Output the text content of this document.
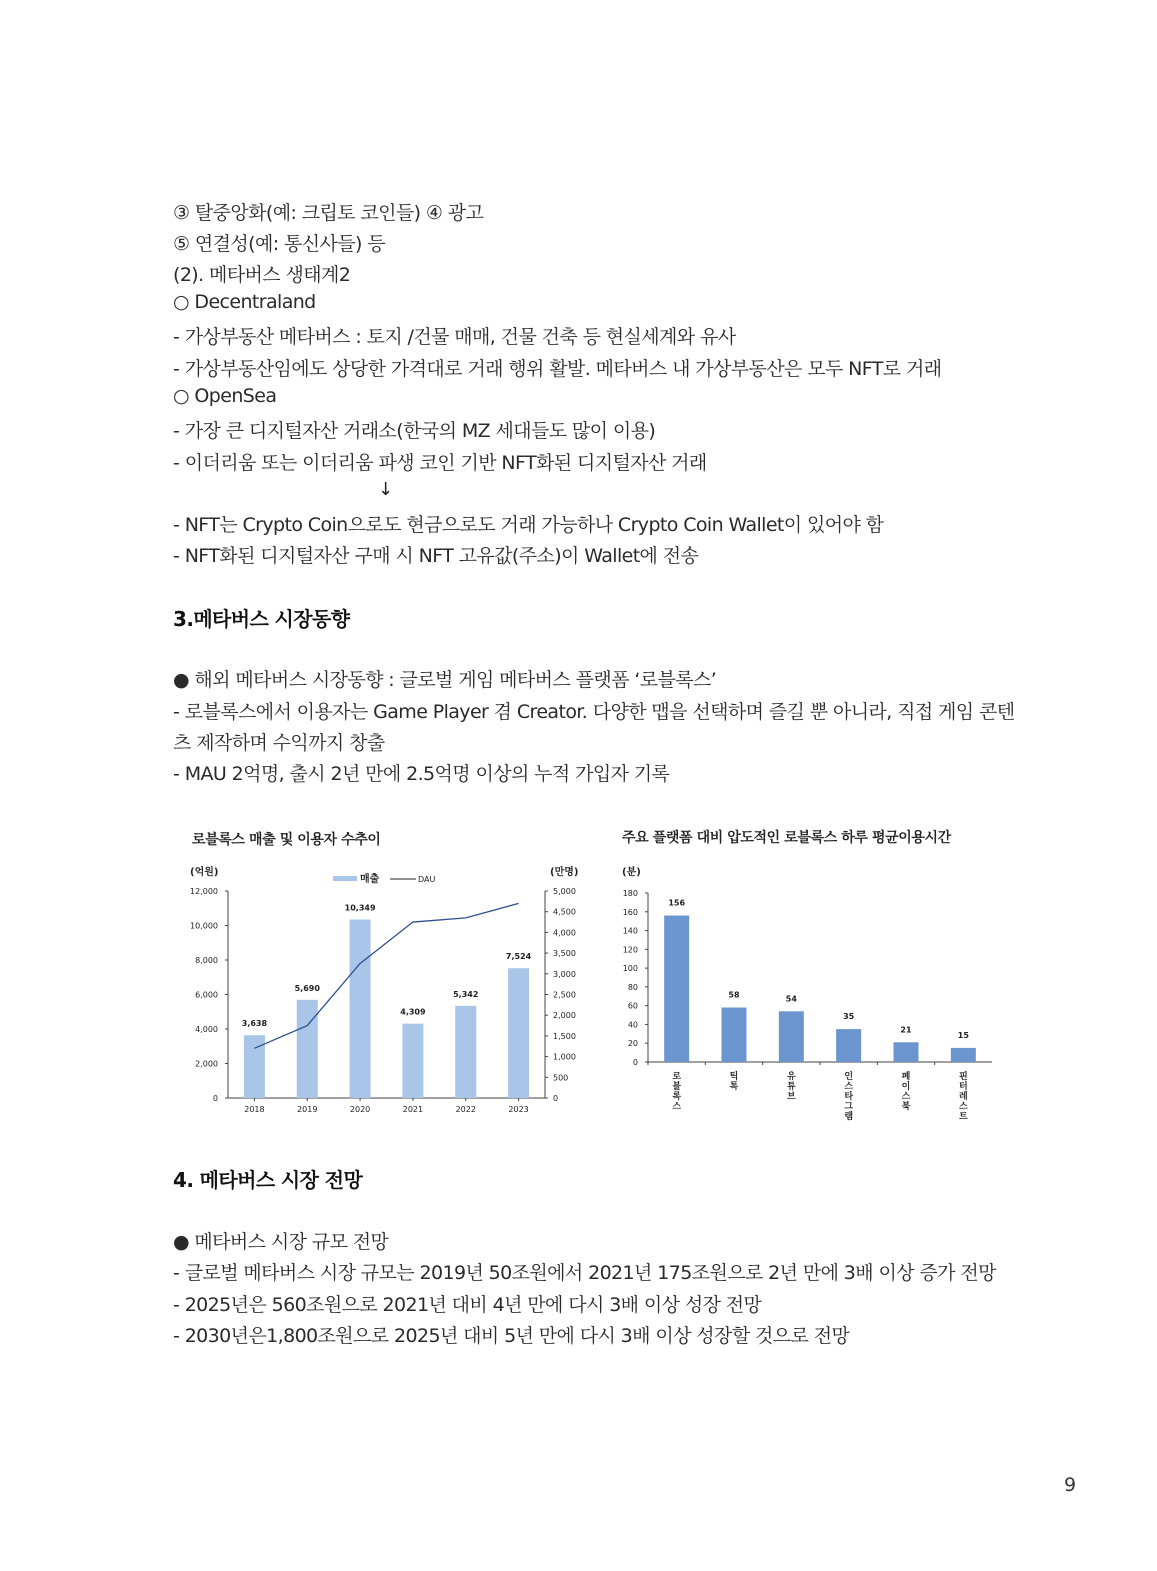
③ 탈중앙화(예: 크립토 코인들) ④ 광고
⑤ 연결성(예: 통신사들) 등
(2). 메타버스 생태계2
○ Decentraland
- 가상부동산 메타버스 : 토지 /건물 매매, 건물 건축 등 현실세계와 유사
- 가상부동산임에도 상당한 가격대로 거래 행위 활발. 메타버스 내 가상부동산은 모두 NFT로 거래
○ OpenSea
- 가장 큰 디지털자산 거래소(한국의 MZ 세대들도 많이 이용)
- 이더리움 또는 이더리움 파생 코인 기반 NFT화된 디지털자산 거래
↓
- NFT는 Crypto Coin으로도 현금으로도 거래 가능하나 Crypto Coin Wallet이 있어야 함
- NFT화된 디지털자산 구매 시 NFT 고유값(주소)이 Wallet에 전송
3.메타버스 시장동향
● 해외 메타버스 시장동향 : 글로벌 게임 메타버스 플랫폼 ‘로블록스’
- 로블록스에서 이용자는 Game Player 겸 Creator. 다양한 맵을 선택하며 즐길 뿐 아니라, 직접 게임 콘텐
츠 제작하며 수익까지 창출
- MAU 2억명, 출시 2년 만에 2.5억명 이상의 누적 가입자 기록
로블록스 매출 및 이용자 수추이
(억원)	(만명)
매출	DAU
0
2,000
4,000
6,000
8,000
10,000
12,000
0
500
1,000
1,500
2,000
2,500
3,000
3,500
4,000
4,500
5,000
3,638
2018
5,690
2019
10,349
2020
4,309
2021
5,342
2022
7,524
2023
주요 플랫폼 대비 압도적인 로블록스 하루 평균이용시간
(분)
0
20
40
60
80
100
120
140
160
180
156
로 블 록 스
58
틱 톡
54
유 튜 브
35
인 스 타 그 램
21
페 이 스 북
15
핀 터 레 스 트
4. 메타버스 시장 전망
● 메타버스 시장 규모 전망
- 글로벌 메타버스 시장 규모는 2019년 50조원에서 2021년 175조원으로 2년 만에 3배 이상 증가 전망
- 2025년은 560조원으로 2021년 대비 4년 만에 다시 3배 이상 성장 전망
- 2030년은1,800조원으로 2025년 대비 5년 만에 다시 3배 이상 성장할 것으로 전망
9
